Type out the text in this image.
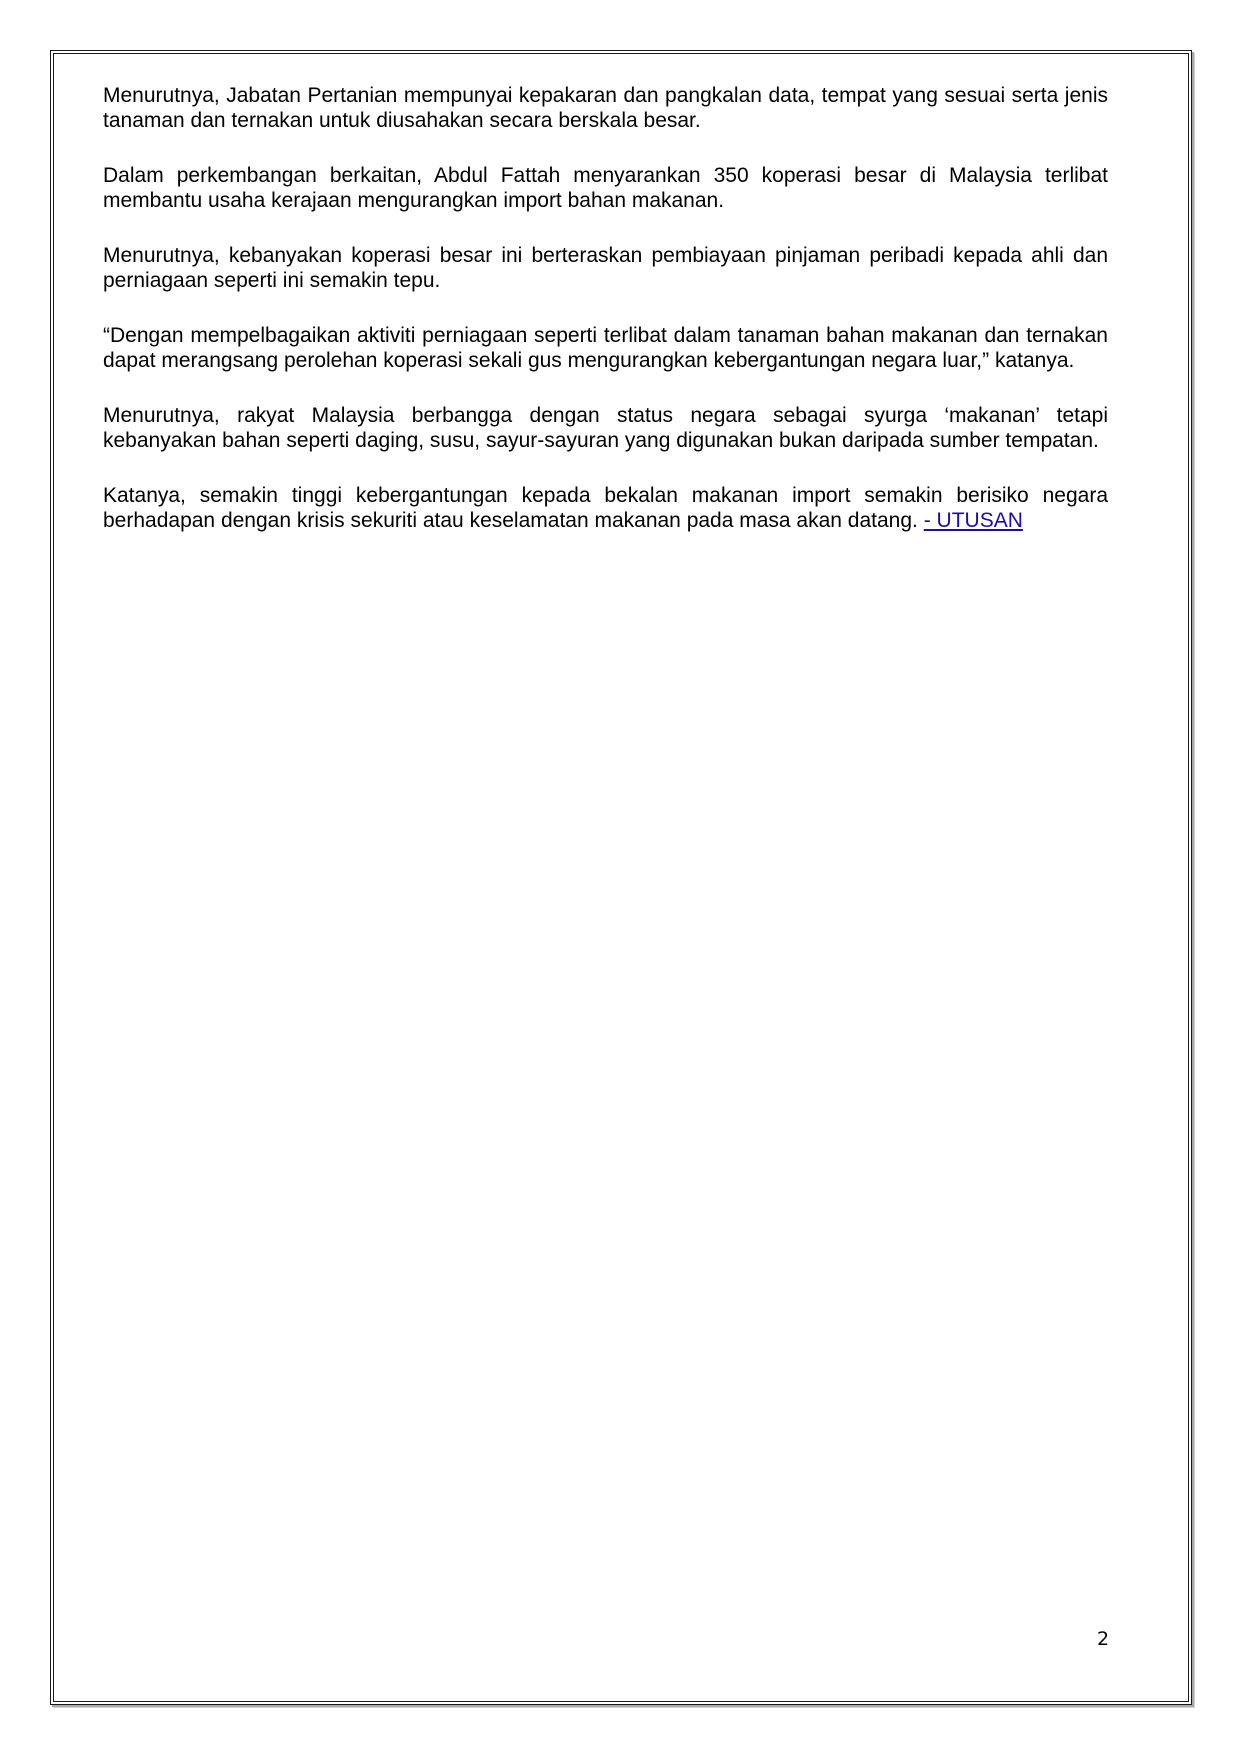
Menurutnya, Jabatan Pertanian mempunyai kepakaran dan pangkalan data, tempat yang sesuai serta jenis tanaman dan ternakan untuk diusahakan secara berskala besar.

Dalam perkembangan berkaitan, Abdul Fattah menyarankan 350 koperasi besar di Malaysia terlibat membantu usaha kerajaan mengurangkan import bahan makanan.

Menurutnya, kebanyakan koperasi besar ini berteraskan pembiayaan pinjaman peribadi kepada ahli dan perniagaan seperti ini semakin tepu.

“Dengan mempelbagaikan aktiviti perniagaan seperti terlibat dalam tanaman bahan makanan dan ternakan dapat merangsang perolehan koperasi sekali gus mengurangkan kebergantungan negara luar,” katanya.

Menurutnya, rakyat Malaysia berbangga dengan status negara sebagai syurga ‘makanan’ tetapi kebanyakan bahan seperti daging, susu, sayur-sayuran yang digunakan bukan daripada sumber tempatan.

Katanya, semakin tinggi kebergantungan kepada bekalan makanan import semakin berisiko negara berhadapan dengan krisis sekuriti atau keselamatan makanan pada masa akan datang. - UTUSAN

2
